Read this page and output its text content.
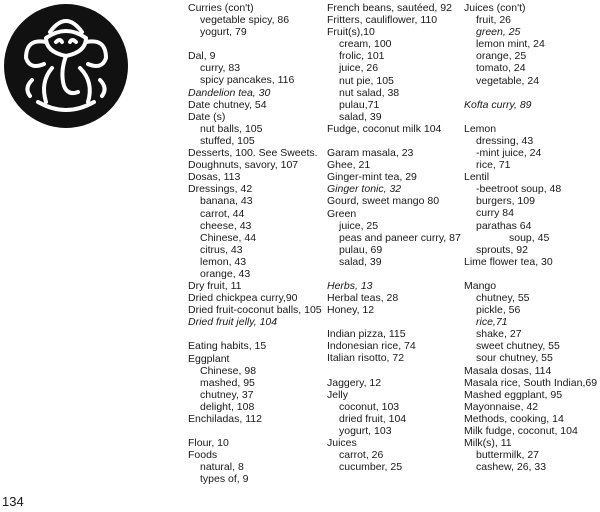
Curries (con't)
vegetable spicy, 86
yogurt, 79
Dal, 9
curry, 83
spicy pancakes, 116
Dandelion tea, 30
Date chutney, 54
Date (s)
nut balls, 105
stuffed, 105
Desserts, 100. See Sweets.
Doughnuts, savory, 107
Dosas, 113
Dressings, 42
banana, 43
carrot, 44
cheese, 43
Chinese, 44
citrus, 43
lemon, 43
orange, 43
Dry fruit, 11
Dried chickpea curry,90
Dried fruit-coconut balls, 105
Dried fruit jelly, 104
Eating habits, 15
Eggplant
Chinese, 98
mashed, 95
chutney, 37
delight, 108
Enchiladas, 112
Flour, 10
Foods
natural, 8
types of, 9
French beans, sautéed, 92
Fritters, cauliflower, 110
Fruit(s),10
cream, 100
frolic, 101
juice, 26
nut pie, 105
nut salad, 38
pulau,71
salad, 39
Fudge, coconut milk 104
Garam masala, 23
Ghee, 21
Ginger-mint tea, 29
Ginger tonic, 32
Gourd, sweet mango 80
Green
juice, 25
peas and paneer curry, 87
pulau, 69
salad, 39
Herbs, 13
Herbal teas, 28
Honey, 12
Indian pizza, 115
Indonesian rice, 74
Italian risotto, 72
Jaggery, 12
Jelly
coconut, 103
dried fruit, 104
yogurt, 103
Juices
carrot, 26
cucumber, 25
Juices (con't)
fruit, 26
green, 25
lemon mint, 24
orange, 25
tomato, 24
vegetable, 24
Kofta curry, 89
Lemon
dressing, 43
-mint juice, 24
rice, 71
Lentil
-beetroot soup, 48
burgers, 109
curry 84
parathas 64
soup, 45
sprouts, 92
Lime flower tea, 30
Mango
chutney, 55
pickle, 56
rice,71
shake, 27
sweet chutney, 55
sour chutney, 55
Masala dosas, 114
Masala rice, South Indian,69
Mashed eggplant, 95
Mayonnaise, 42
Methods, cooking, 14
Milk fudge, coconut, 104
Milk(s), 11
buttermilk, 27
cashew, 26, 33
134
